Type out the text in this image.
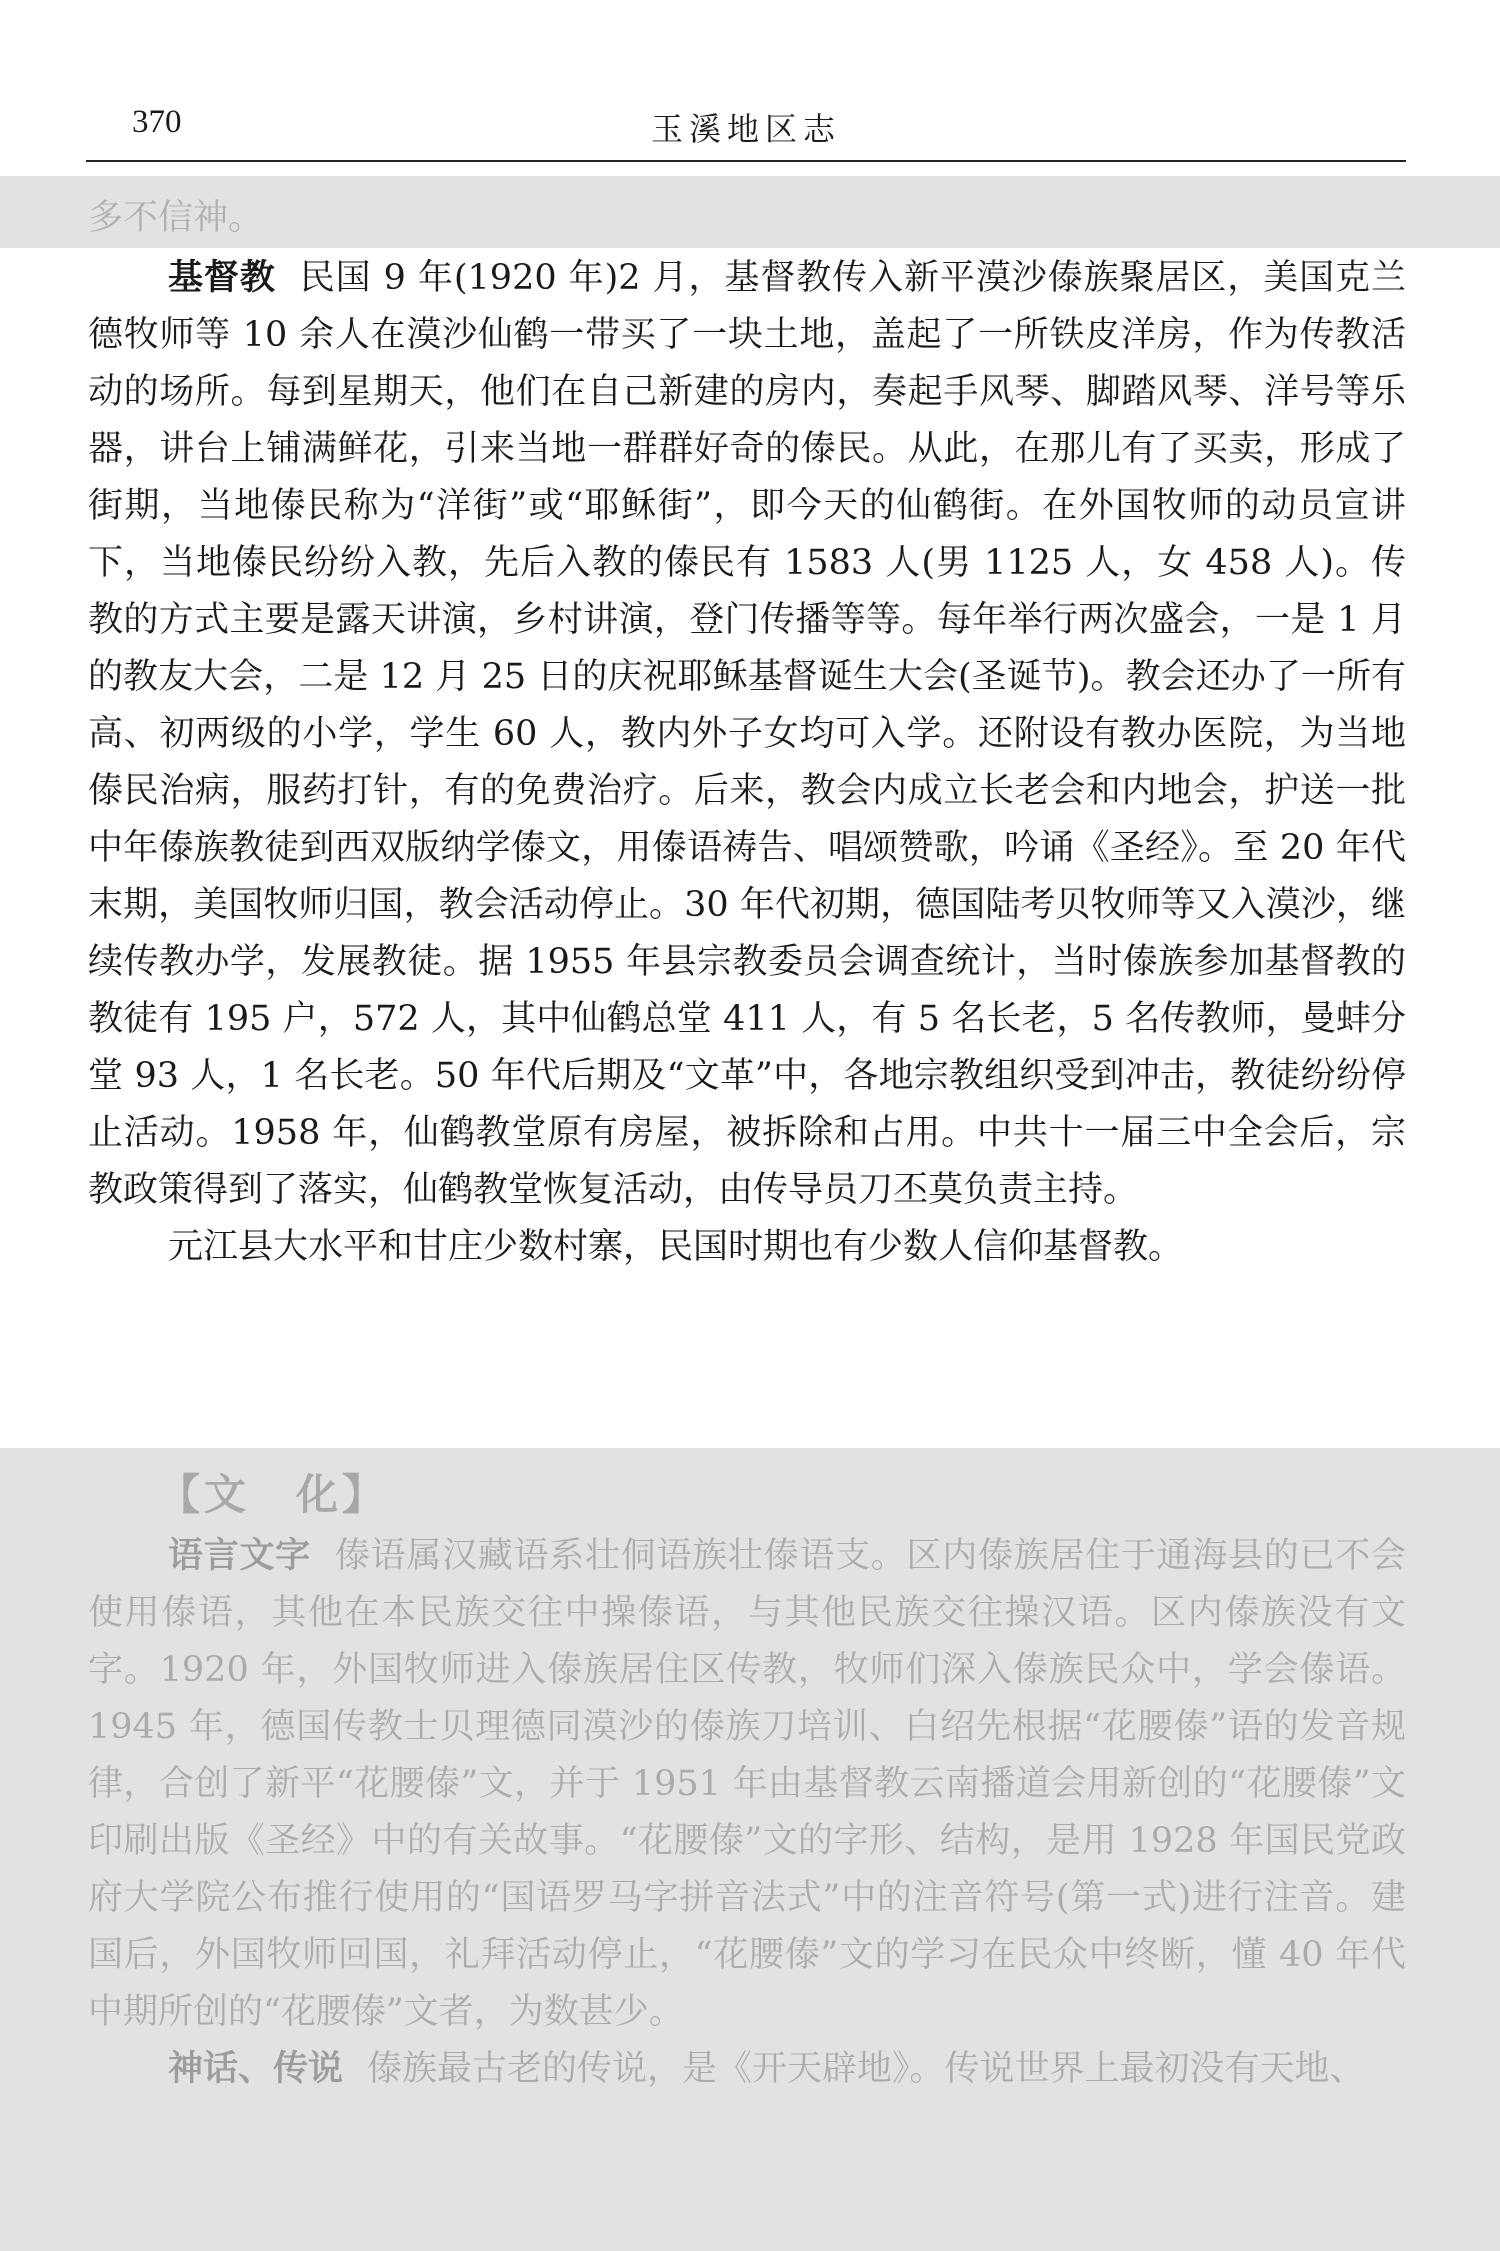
370	玉溪地区志

多不信神。

基督教 民国 9 年(1920 年)2 月，基督教传入新平漠沙傣族聚居区，美国克兰德牧师等 10 余人在漠沙仙鹤一带买了一块土地，盖起了一所铁皮洋房，作为传教活动的场所。每到星期天，他们在自己新建的房内，奏起手风琴、脚踏风琴、洋号等乐器，讲台上铺满鲜花，引来当地一群群好奇的傣民。从此，在那儿有了买卖，形成了街期，当地傣民称为“洋街”或“耶稣街”，即今天的仙鹤街。在外国牧师的动员宣讲下，当地傣民纷纷入教，先后入教的傣民有 1583 人(男 1125 人，女 458 人)。传教的方式主要是露天讲演，乡村讲演，登门传播等等。每年举行两次盛会，一是 1 月的教友大会，二是 12 月 25 日的庆祝耶稣基督诞生大会(圣诞节)。教会还办了一所有高、初两级的小学，学生 60 人，教内外子女均可入学。还附设有教办医院，为当地傣民治病，服药打针，有的免费治疗。后来，教会内成立长老会和内地会，护送一批中年傣族教徒到西双版纳学傣文，用傣语祷告、唱颂赞歌，吟诵《圣经》。至 20 年代末期，美国牧师归国，教会活动停止。30 年代初期，德国陆考贝牧师等又入漠沙，继续传教办学，发展教徒。据 1955 年县宗教委员会调查统计，当时傣族参加基督教的教徒有 195 户，572 人，其中仙鹤总堂 411 人，有 5 名长老，5 名传教师，曼蚌分堂 93 人，1 名长老。50 年代后期及“文革”中，各地宗教组织受到冲击，教徒纷纷停止活动。1958 年，仙鹤教堂原有房屋，被拆除和占用。中共十一届三中全会后，宗教政策得到了落实，仙鹤教堂恢复活动，由传导员刀丕莫负责主持。

元江县大水平和甘庄少数村寨，民国时期也有少数人信仰基督教。

【文　化】

语言文字 傣语属汉藏语系壮侗语族壮傣语支。区内傣族居住于通海县的已不会使用傣语，其他在本民族交往中操傣语，与其他民族交往操汉语。区内傣族没有文字。1920 年，外国牧师进入傣族居住区传教，牧师们深入傣族民众中，学会傣语。1945 年，德国传教士贝理德同漠沙的傣族刀培训、白绍先根据“花腰傣”语的发音规律，合创了新平“花腰傣”文，并于 1951 年由基督教云南播道会用新创的“花腰傣”文印刷出版《圣经》中的有关故事。“花腰傣”文的字形、结构，是用 1928 年国民党政府大学院公布推行使用的“国语罗马字拼音法式”中的注音符号(第一式)进行注音。建国后，外国牧师回国，礼拜活动停止，“花腰傣”文的学习在民众中终断，懂 40 年代中期所创的“花腰傣”文者，为数甚少。

神话、传说 傣族最古老的传说，是《开天辟地》。传说世界上最初没有天地、
